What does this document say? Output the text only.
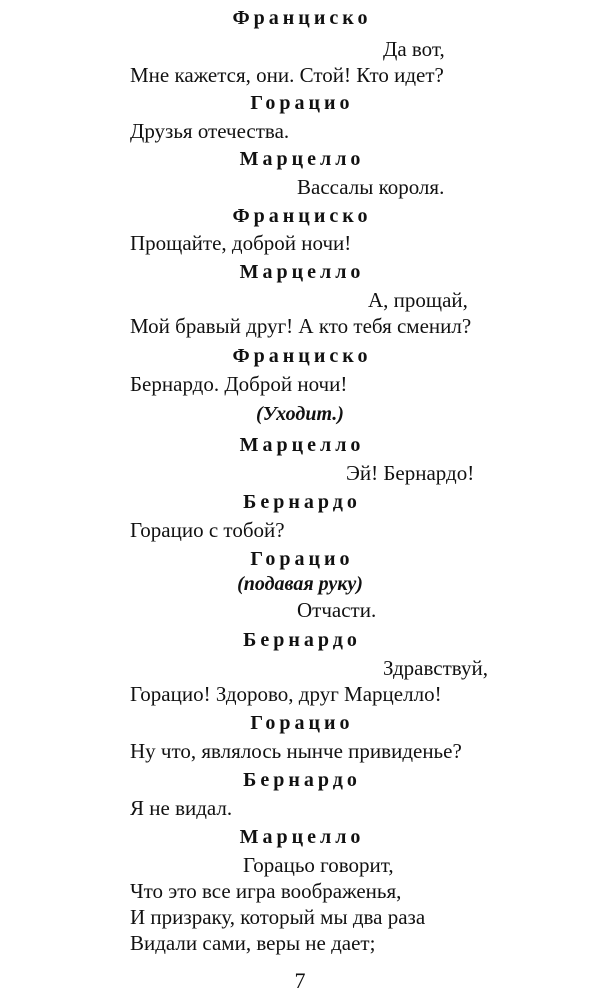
Франциско
Да вот,
Мне кажется, они. Стой! Кто идет?
Горацио
Друзья отечества.
Марцелло
Вассалы короля.
Франциско
Прощайте, доброй ночи!
Марцелло
А, прощай,
Мой бравый друг! А кто тебя сменил?
Франциско
Бернардо. Доброй ночи!
(Уходит.)
Марцелло
Эй! Бернардо!
Бернардо
Горацио с тобой?
Горацио
(подавая руку)
Отчасти.
Бернардо
Здравствуй,
Горацио! Здорово, друг Марцелло!
Горацио
Ну что, являлось нынче привиденье?
Бернардо
Я не видал.
Марцелло
Горацьо говорит,
Что это все игра воображенья,
И призраку, который мы два раза
Видали сами, веры не дает;
7
